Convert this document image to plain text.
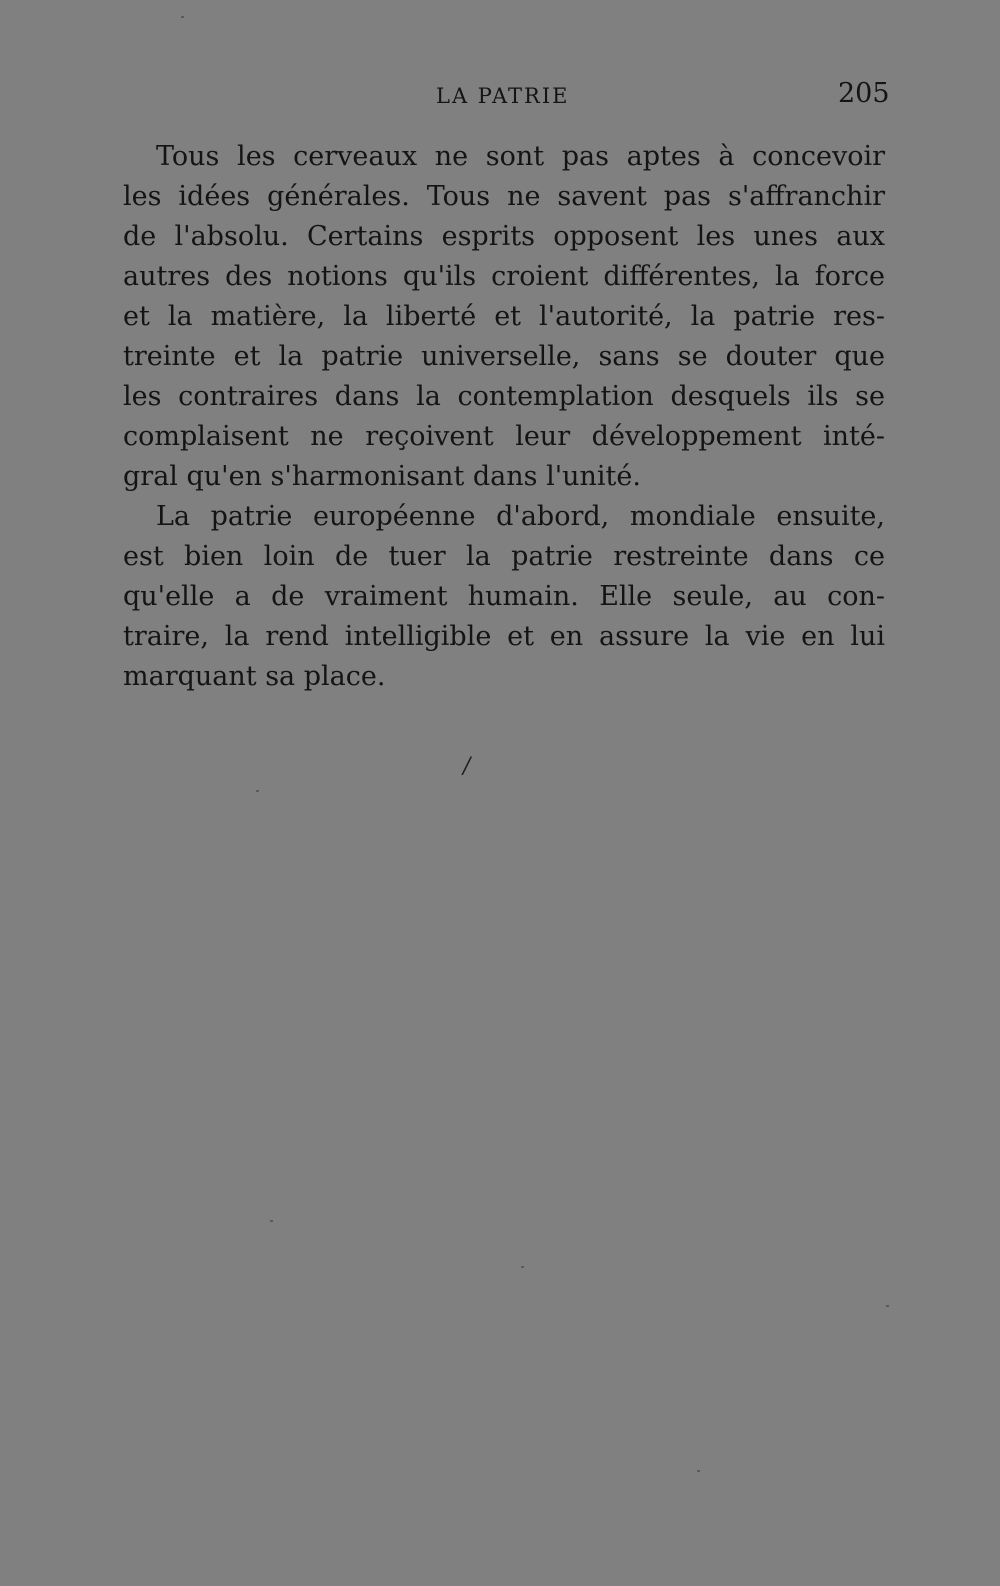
LA PATRIE	205
Tous les cerveaux ne sont pas aptes à concevoir
les idées générales. Tous ne savent pas s'affranchir
de l'absolu. Certains esprits opposent les unes aux
autres des notions qu'ils croient différentes, la force
et la matière, la liberté et l'autorité, la patrie res-
treinte et la patrie universelle, sans se douter que
les contraires dans la contemplation desquels ils se
complaisent ne reçoivent leur développement inté-
gral qu'en s'harmonisant dans l'unité.
La patrie européenne d'abord, mondiale ensuite,
est bien loin de tuer la patrie restreinte dans ce
qu'elle a de vraiment humain. Elle seule, au con-
traire, la rend intelligible et en assure la vie en lui
marquant sa place.
/
